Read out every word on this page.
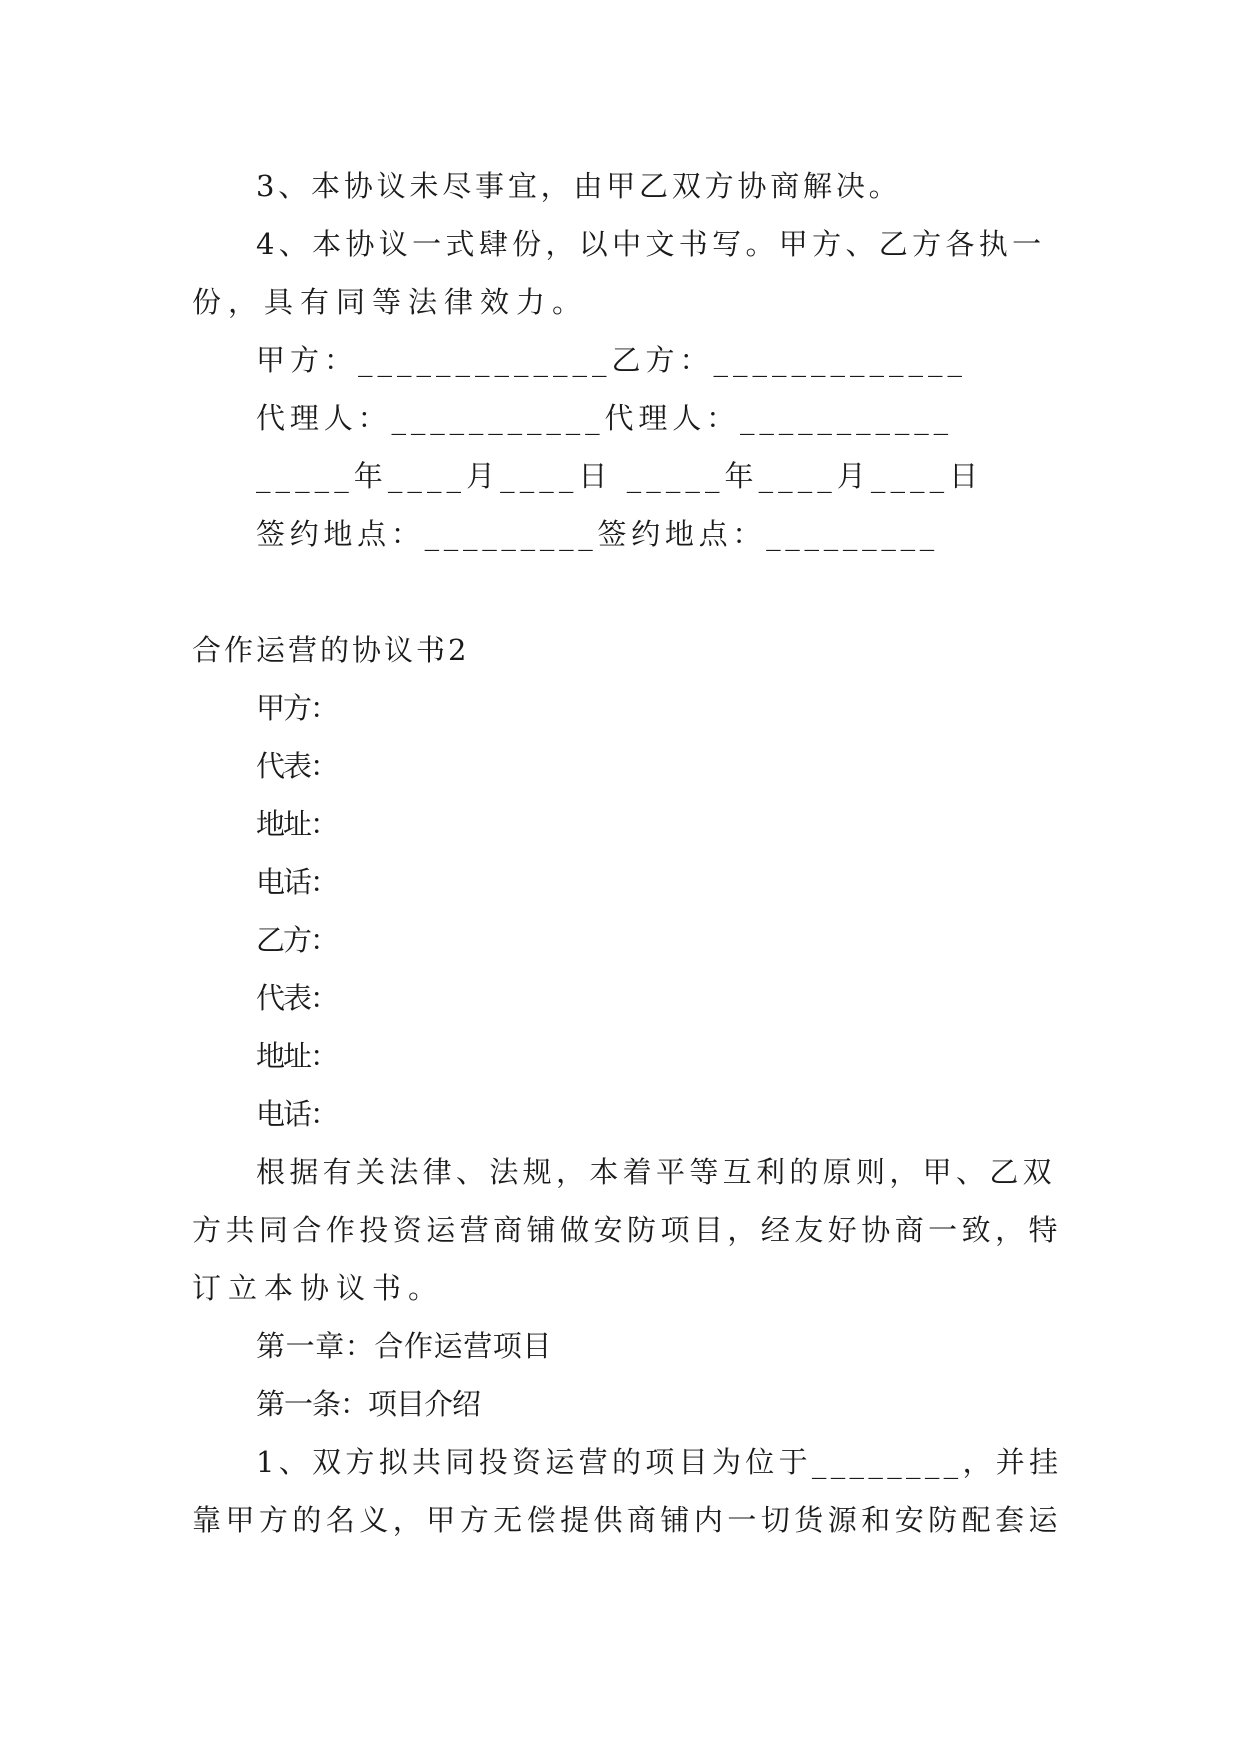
3、本协议未尽事宜，由甲乙双方协商解决。
4、本协议一式肆份，以中文书写。甲方、乙方各执一
份，具有同等法律效力。
甲方：_____________乙方：_____________
代理人：___________代理人：___________
_____年____月____日 _____年____月____日
签约地点：_________签约地点：_________
合作运营的协议书2
甲方：
代表：
地址：
电话：
乙方：
代表：
地址：
电话：
根据有关法律、法规，本着平等互利的原则，甲、乙双
方共同合作投资运营商铺做安防项目，经友好协商一致，特
订立本协议书。
第一章：合作运营项目
第一条：项目介绍
1、双方拟共同投资运营的项目为位于________，并挂
靠甲方的名义，甲方无偿提供商铺内一切货源和安防配套运
